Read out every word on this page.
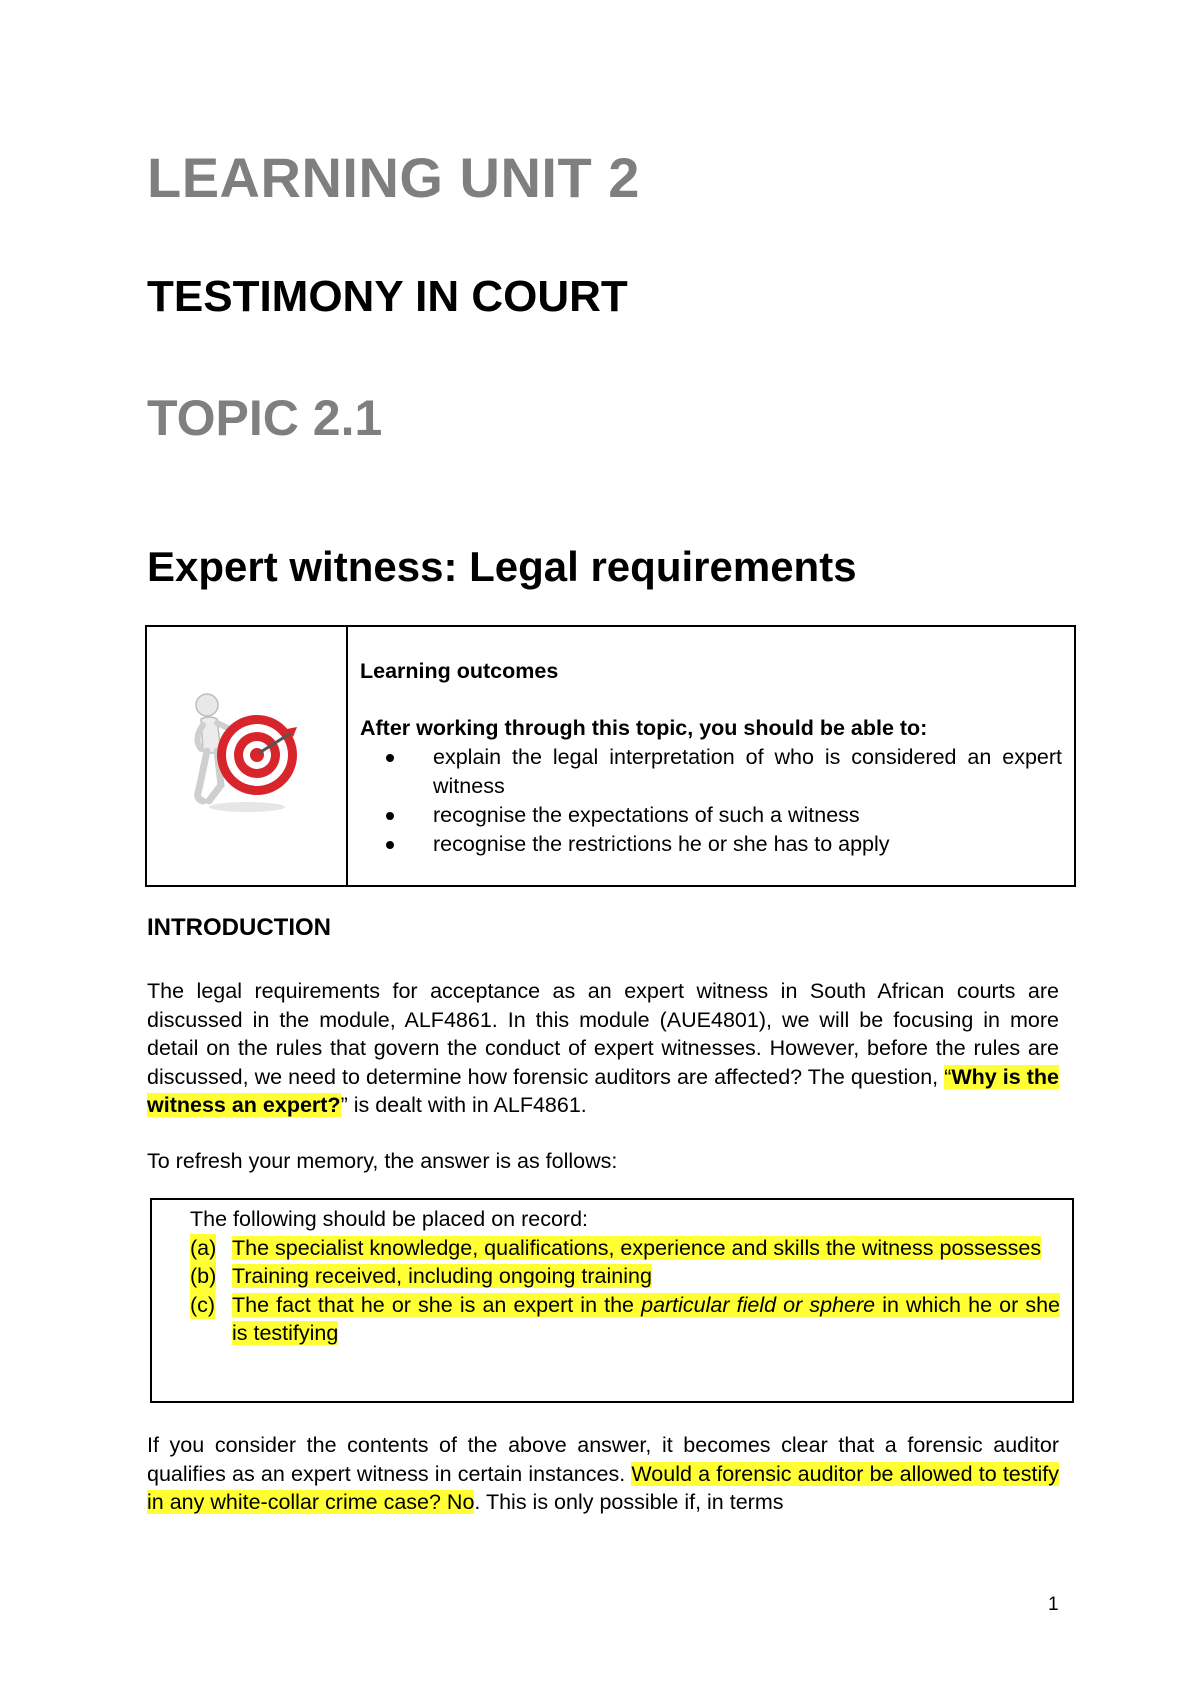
LEARNING UNIT 2
TESTIMONY IN COURT
TOPIC 2.1
Expert witness: Legal requirements
Learning outcomes
After working through this topic, you should be able to:
explain the legal interpretation of who is considered an expert witness
recognise the expectations of such a witness
recognise the restrictions he or she has to apply
INTRODUCTION

The legal requirements for acceptance as an expert witness in South African courts are discussed in the module, ALF4861. In this module (AUE4801), we will be focusing in more detail on the rules that govern the conduct of expert witnesses. However, before the rules are discussed, we need to determine how forensic auditors are affected? The question, “Why is the witness an expert?” is dealt with in ALF4861.

To refresh your memory, the answer is as follows:

The following should be placed on record:
(a) The specialist knowledge, qualifications, experience and skills the witness possesses
(b) Training received, including ongoing training
(c) The fact that he or she is an expert in the particular field or sphere in which he or she is testifying

If you consider the contents of the above answer, it becomes clear that a forensic auditor qualifies as an expert witness in certain instances. Would a forensic auditor be allowed to testify in any white-collar crime case? No. This is only possible if, in terms

1
